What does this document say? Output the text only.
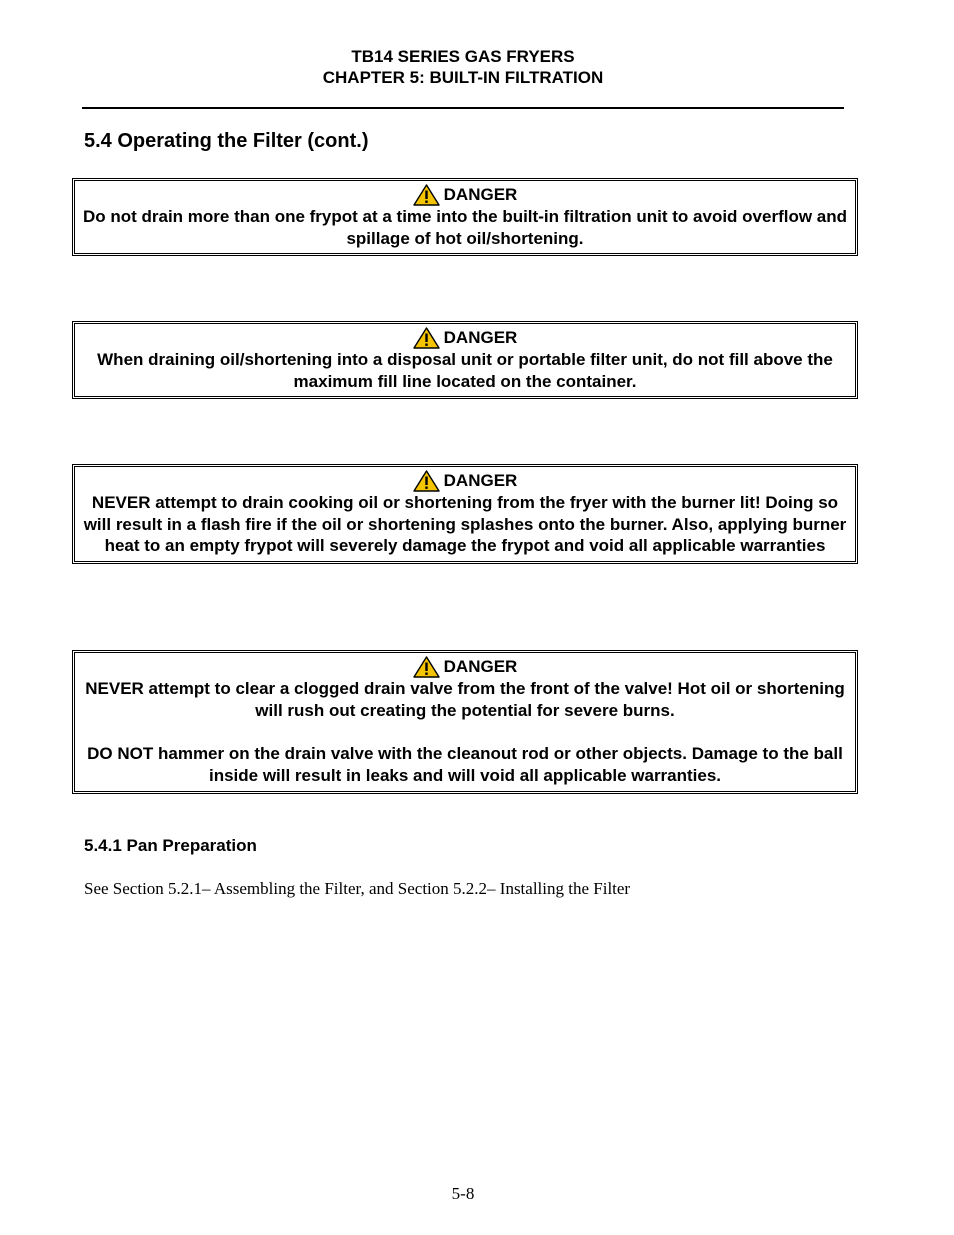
TB14 SERIES GAS FRYERS
CHAPTER 5: BUILT-IN FILTRATION
5.4 Operating the Filter (cont.)
DANGER
Do not drain more than one frypot at a time into the built-in filtration unit to avoid overflow and spillage of hot oil/shortening.
DANGER
When draining oil/shortening into a disposal unit or portable filter unit, do not fill above the maximum fill line located on the container.
DANGER
NEVER attempt to drain cooking oil or shortening from the fryer with the burner lit! Doing so will result in a flash fire if the oil or shortening splashes onto the burner. Also, applying burner heat to an empty frypot will severely damage the frypot and void all applicable warranties
DANGER
NEVER attempt to clear a clogged drain valve from the front of the valve! Hot oil or shortening will rush out creating the potential for severe burns.
DO NOT hammer on the drain valve with the cleanout rod or other objects. Damage to the ball inside will result in leaks and will void all applicable warranties.
5.4.1 Pan Preparation
See Section 5.2.1– Assembling the Filter, and Section 5.2.2– Installing the Filter
5-8
